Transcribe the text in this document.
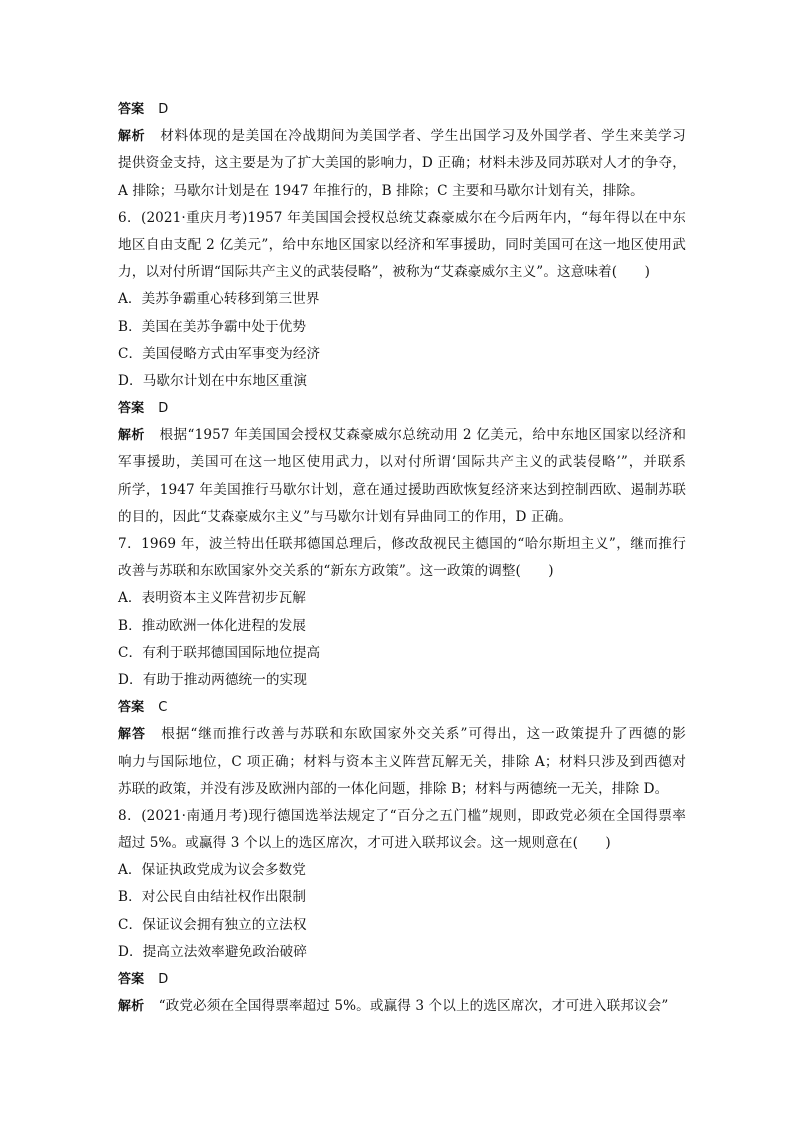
答案 D
解析 材料体现的是美国在冷战期间为美国学者、学生出国学习及外国学者、学生来美学习
提供资金支持，这主要是为了扩大美国的影响力，D 正确；材料未涉及同苏联对人才的争夺，
A 排除；马歇尔计划是在 1947 年推行的，B 排除；C 主要和马歇尔计划有关，排除。
6．(2021·重庆月考)1957 年美国国会授权总统艾森豪威尔在今后两年内，“每年得以在中东
地区自由支配 2 亿美元”，给中东地区国家以经济和军事援助，同时美国可在这一地区使用武
力，以对付所谓“国际共产主义的武装侵略”，被称为“艾森豪威尔主义”。这意味着(　　)
A．美苏争霸重心转移到第三世界
B．美国在美苏争霸中处于优势
C．美国侵略方式由军事变为经济
D．马歇尔计划在中东地区重演
答案 D
解析 根据“1957 年美国国会授权艾森豪威尔总统动用 2 亿美元，给中东地区国家以经济和
军事援助，美国可在这一地区使用武力，以对付所谓‘国际共产主义的武装侵略’”，并联系
所学，1947 年美国推行马歇尔计划，意在通过援助西欧恢复经济来达到控制西欧、遏制苏联
的目的，因此“艾森豪威尔主义”与马歇尔计划有异曲同工的作用，D 正确。
7．1969 年，波兰特出任联邦德国总理后，修改敌视民主德国的“哈尔斯坦主义”，继而推行
改善与苏联和东欧国家外交关系的“新东方政策”。这一政策的调整(　　)
A．表明资本主义阵营初步瓦解
B．推动欧洲一体化进程的发展
C．有利于联邦德国国际地位提高
D．有助于推动两德统一的实现
答案 C
解答 根据“继而推行改善与苏联和东欧国家外交关系”可得出，这一政策提升了西德的影
响力与国际地位，C 项正确；材料与资本主义阵营瓦解无关，排除 A；材料只涉及到西德对
苏联的政策，并没有涉及欧洲内部的一体化问题，排除 B；材料与两德统一无关，排除 D。
8．(2021·南通月考)现行德国选举法规定了“百分之五门槛”规则，即政党必须在全国得票率
超过 5%。或赢得 3 个以上的选区席次，才可进入联邦议会。这一规则意在(　　)
A．保证执政党成为议会多数党
B．对公民自由结社权作出限制
C．保证议会拥有独立的立法权
D．提高立法效率避免政治破碎
答案 D
解析 “政党必须在全国得票率超过 5%。或赢得 3 个以上的选区席次，才可进入联邦议会”
